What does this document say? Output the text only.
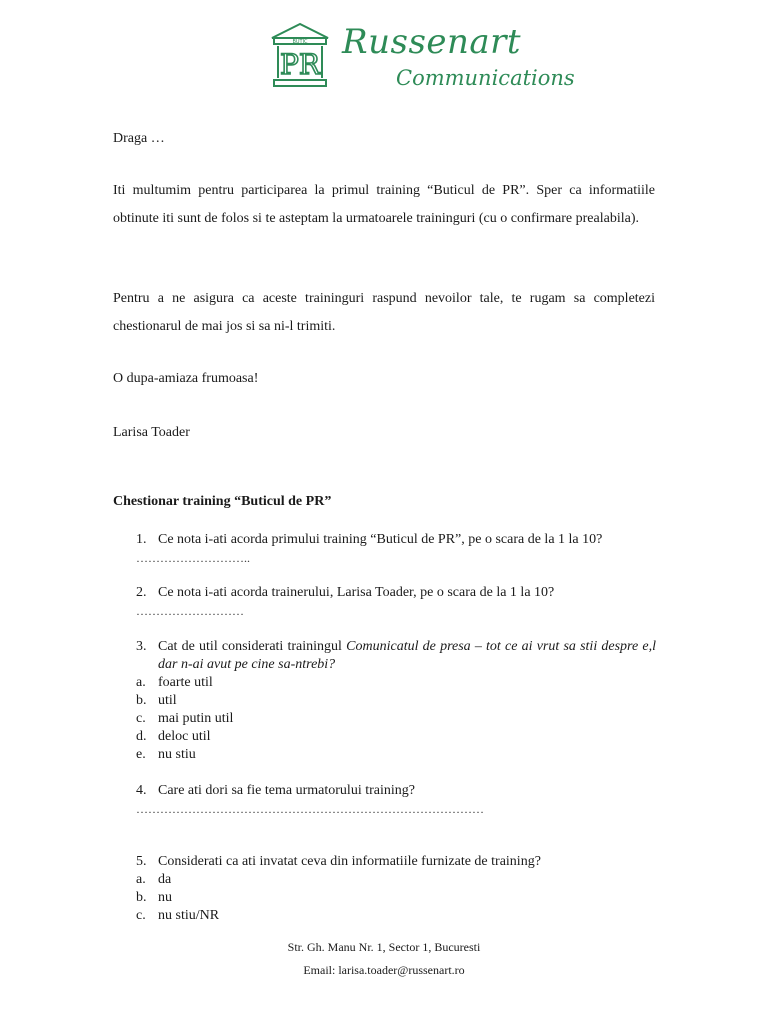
BUTIC
PR
Russenart
Communications

Draga …

Iti multumim pentru participarea la primul training “Buticul de PR”. Sper ca informatiile obtinute iti sunt de folos si te asteptam la urmatoarele traininguri (cu o confirmare prealabila).

Pentru a ne asigura ca aceste traininguri raspund nevoilor tale, te rugam sa completezi chestionarul de mai jos si sa ni-l trimiti.

O dupa-amiaza frumoasa!

Larisa Toader

Chestionar training “Buticul de PR”
1. Ce nota i-ati acorda primului training “Buticul de PR”, pe o scara de la 1 la 10?
………………………..
2. Ce nota i-ati acorda trainerului, Larisa Toader, pe o scara de la 1 la 10?
………………………
3. Cat de util considerati trainingul Comunicatul de presa – tot ce ai vrut sa stii despre e,l dar n-ai avut pe cine sa-ntrebi?
a. foarte util
b. util
c. mai putin util
d. deloc util
e. nu stiu
4. Care ati dori sa fie tema urmatorului training?
……………………………………………………………………………
5. Considerati ca ati invatat ceva din informatiile furnizate de training?
a. da
b. nu
c. nu stiu/NR
Str. Gh. Manu Nr. 1, Sector 1, Bucuresti
Email: larisa.toader@russenart.ro
